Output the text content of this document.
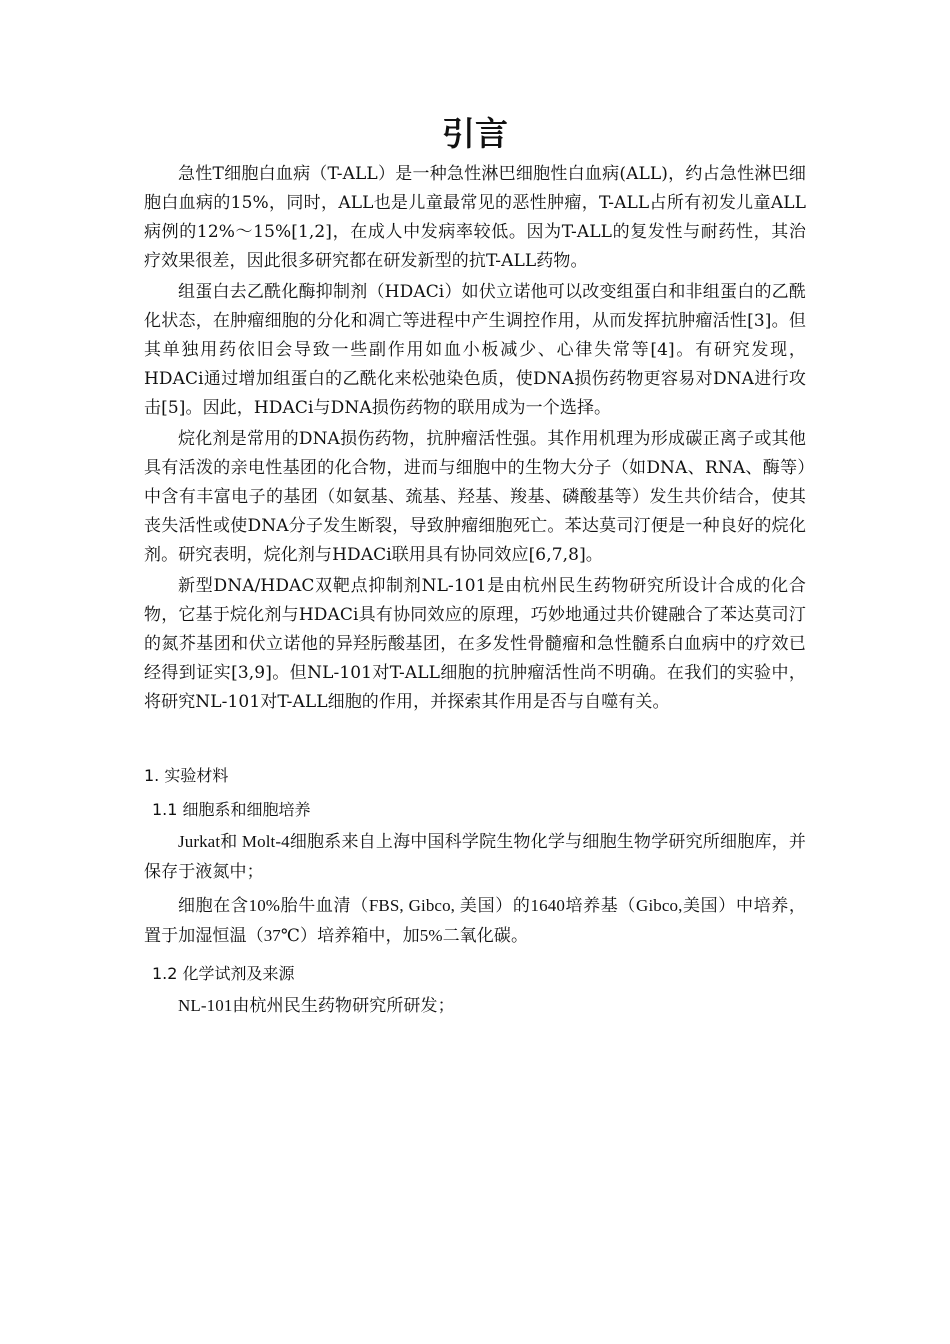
引言

急性T细胞白血病（T-ALL）是一种急性淋巴细胞性白血病(ALL)，约占急性淋巴细胞白血病的15%，同时，ALL也是儿童最常见的恶性肿瘤，T-ALL占所有初发儿童ALL病例的12%～15%[1,2]，在成人中发病率较低。因为T-ALL的复发性与耐药性，其治疗效果很差，因此很多研究都在研发新型的抗T-ALL药物。

组蛋白去乙酰化酶抑制剂（HDACi）如伏立诺他可以改变组蛋白和非组蛋白的乙酰化状态，在肿瘤细胞的分化和凋亡等进程中产生调控作用，从而发挥抗肿瘤活性[3]。但其单独用药依旧会导致一些副作用如血小板减少、心律失常等[4]。有研究发现，HDACi通过增加组蛋白的乙酰化来松弛染色质，使DNA损伤药物更容易对DNA进行攻击[5]。因此，HDACi与DNA损伤药物的联用成为一个选择。

烷化剂是常用的DNA损伤药物，抗肿瘤活性强。其作用机理为形成碳正离子或其他具有活泼的亲电性基团的化合物，进而与细胞中的生物大分子（如DNA、RNA、酶等）中含有丰富电子的基团（如氨基、巯基、羟基、羧基、磷酸基等）发生共价结合，使其丧失活性或使DNA分子发生断裂，导致肿瘤细胞死亡。苯达莫司汀便是一种良好的烷化剂。研究表明，烷化剂与HDACi联用具有协同效应[6,7,8]。

新型DNA/HDAC双靶点抑制剂NL-101是由杭州民生药物研究所设计合成的化合物，它基于烷化剂与HDACi具有协同效应的原理，巧妙地通过共价键融合了苯达莫司汀的氮芥基团和伏立诺他的异羟肟酸基团，在多发性骨髓瘤和急性髓系白血病中的疗效已经得到证实[3,9]。但NL-101对T-ALL细胞的抗肿瘤活性尚不明确。在我们的实验中，将研究NL-101对T-ALL细胞的作用，并探索其作用是否与自噬有关。

1. 实验材料
1.1 细胞系和细胞培养

Jurkat和 Molt-4细胞系来自上海中国科学院生物化学与细胞生物学研究所细胞库，并保存于液氮中；

细胞在含10%胎牛血清（FBS, Gibco, 美国）的1640培养基（Gibco,美国）中培养，置于加湿恒温（37℃）培养箱中，加5%二氧化碳。

1.2 化学试剂及来源

NL-101由杭州民生药物研究所研发；
